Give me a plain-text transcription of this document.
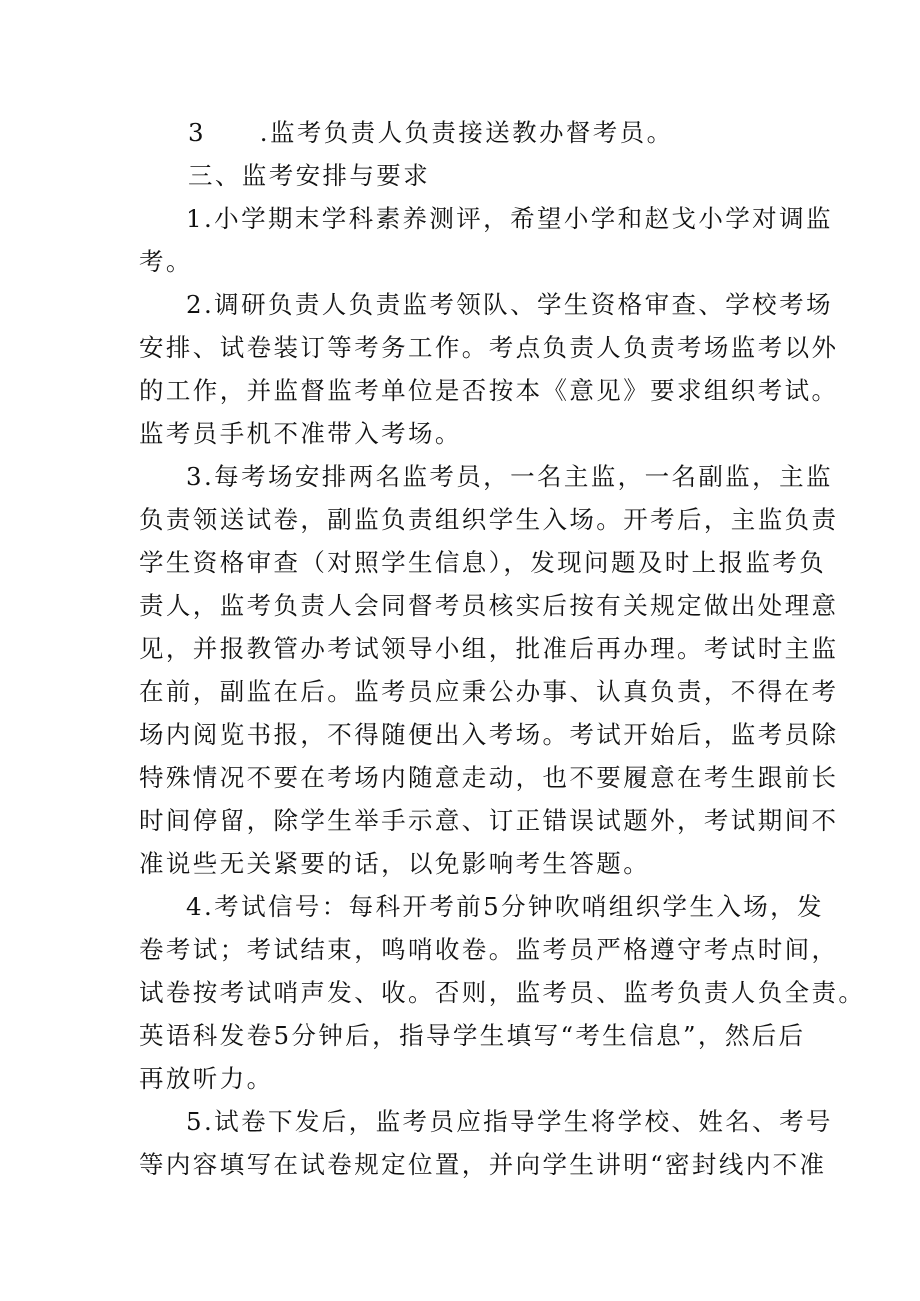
3　　.监考负责人负责接送教办督考员。
三、监考安排与要求
1.小学期末学科素养测评，希望小学和赵戈小学对调监
考。
2.调研负责人负责监考领队、学生资格审查、学校考场
安排、试卷装订等考务工作。考点负责人负责考场监考以外
的工作，并监督监考单位是否按本《意见》要求组织考试。
监考员手机不准带入考场。
3.每考场安排两名监考员，一名主监，一名副监，主监
负责领送试卷，副监负责组织学生入场。开考后，主监负责
学生资格审查（对照学生信息），发现问题及时上报监考负
责人，监考负责人会同督考员核实后按有关规定做出处理意
见，并报教管办考试领导小组，批准后再办理。考试时主监
在前，副监在后。监考员应秉公办事、认真负责，不得在考
场内阅览书报，不得随便出入考场。考试开始后，监考员除
特殊情况不要在考场内随意走动，也不要履意在考生跟前长
时间停留，除学生举手示意、订正错误试题外，考试期间不
准说些无关紧要的话，以免影响考生答题。
4.考试信号：每科开考前5分钟吹哨组织学生入场，发
卷考试；考试结束，鸣哨收卷。监考员严格遵守考点时间，
试卷按考试哨声发、收。否则，监考员、监考负责人负全责。
英语科发卷5分钟后，指导学生填写“考生信息”，然后后
再放听力。
5.试卷下发后，监考员应指导学生将学校、姓名、考号
等内容填写在试卷规定位置，并向学生讲明“密封线内不准
